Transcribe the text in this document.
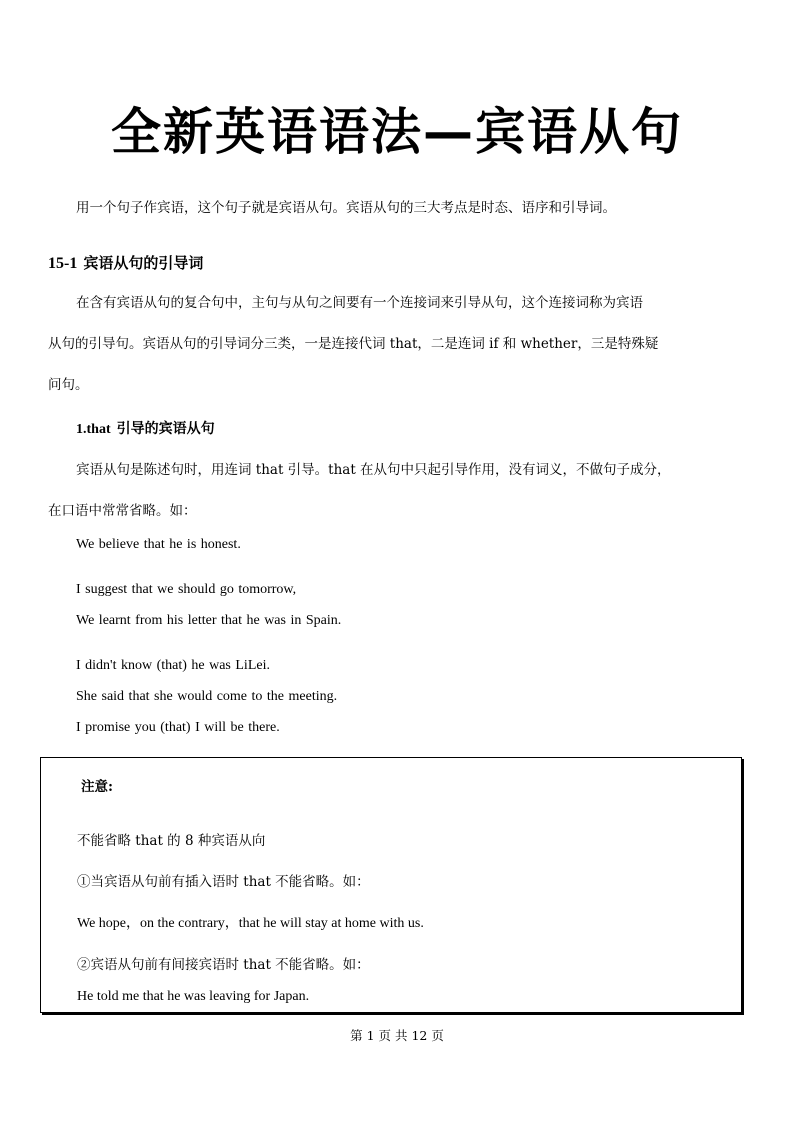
全新英语语法—宾语从句
用一个句子作宾语，这个句子就是宾语从句。宾语从句的三大考点是时态、语序和引导词。
15-1 宾语从句的引导词
在含有宾语从句的复合句中，主句与从句之间要有一个连接词来引导从句，这个连接词称为宾语
从句的引导句。宾语从句的引导词分三类，一是连接代词 that，二是连词 if 和 whether，三是特殊疑
问句。
1.that 引导的宾语从句
宾语从句是陈述句时，用连词 that 引导。that 在从句中只起引导作用，没有词义，不做句子成分，
在口语中常常省略。如：
We believe that he is honest.
I suggest that we should go tomorrow,
We learnt from his letter that he was in Spain.
I didn't know (that) he was LiLei.
She said that she would come to the meeting.
I promise you (that) I will be there.
注意:
不能省略 that 的 8 种宾语从向
①当宾语从句前有插入语时 that 不能省略。如：
We hope，on the contrary，that he will stay at home with us.
②宾语从句前有间接宾语时 that 不能省略。如：
He told me that he was leaving for Japan.
第 1 页 共 12 页
